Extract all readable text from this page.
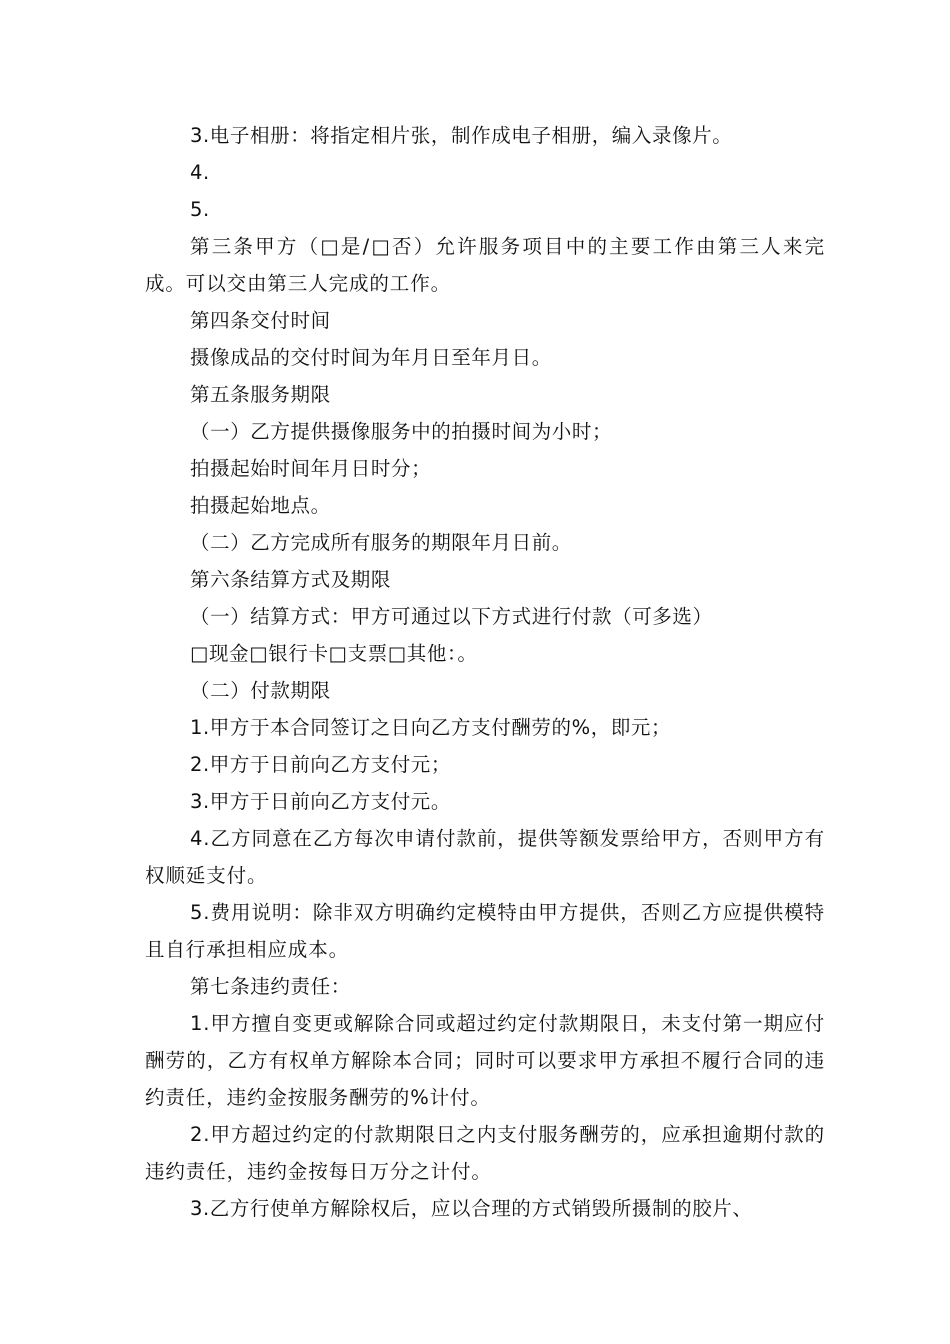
3.电子相册：将指定相片张，制作成电子相册，编入录像片。

4.

5.

第三条甲方（□是/□否）允许服务项目中的主要工作由第三人来完成。可以交由第三人完成的工作。

第四条交付时间

摄像成品的交付时间为年月日至年月日。

第五条服务期限

（一）乙方提供摄像服务中的拍摄时间为小时；

拍摄起始时间年月日时分；

拍摄起始地点。

（二）乙方完成所有服务的期限年月日前。

第六条结算方式及期限

（一）结算方式：甲方可通过以下方式进行付款（可多选）

□现金□银行卡□支票□其他：。

（二）付款期限

1.甲方于本合同签订之日向乙方支付酬劳的%，即元；

2.甲方于日前向乙方支付元；

3.甲方于日前向乙方支付元。

4.乙方同意在乙方每次申请付款前，提供等额发票给甲方，否则甲方有权顺延支付。

5.费用说明：除非双方明确约定模特由甲方提供，否则乙方应提供模特且自行承担相应成本。

第七条违约责任：

1.甲方擅自变更或解除合同或超过约定付款期限日，未支付第一期应付酬劳的，乙方有权单方解除本合同；同时可以要求甲方承担不履行合同的违约责任，违约金按服务酬劳的%计付。

2.甲方超过约定的付款期限日之内支付服务酬劳的，应承担逾期付款的违约责任，违约金按每日万分之计付。

3.乙方行使单方解除权后，应以合理的方式销毁所摄制的胶片、
